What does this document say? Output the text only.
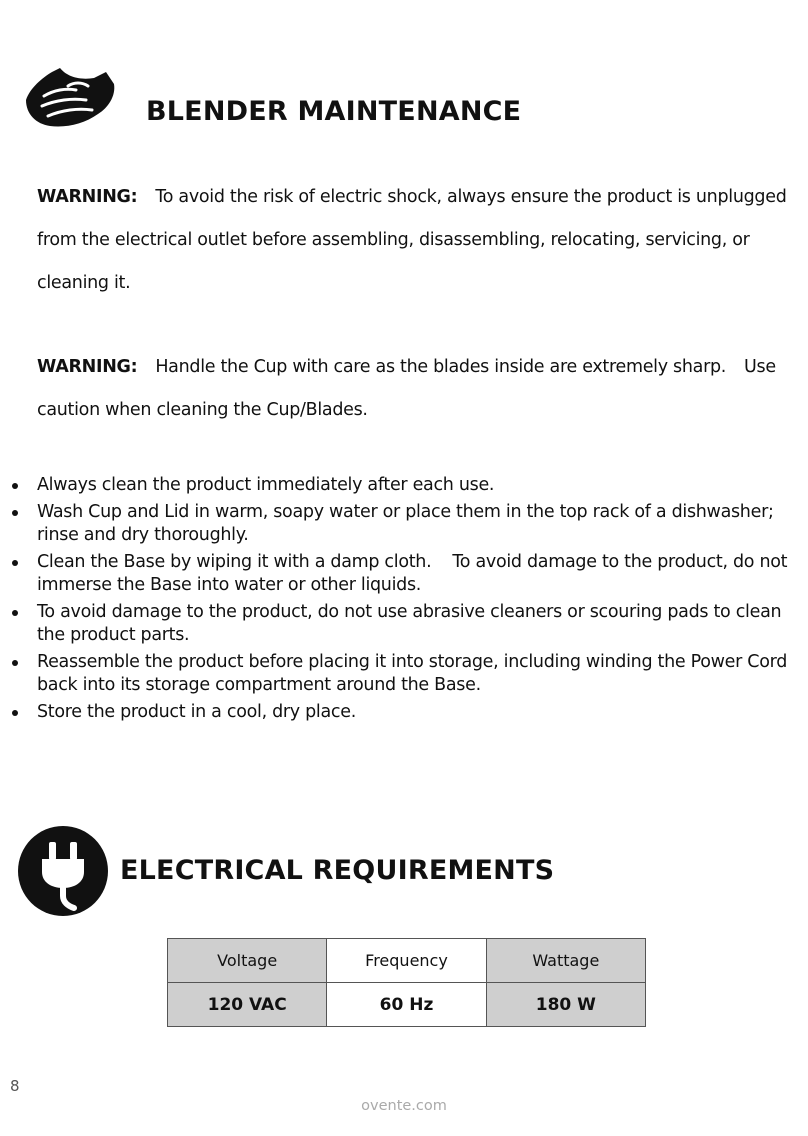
BLENDER MAINTENANCE

WARNING: To avoid the risk of electric shock, always ensure the product is unplugged from the electrical outlet before assembling, disassembling, relocating, servicing, or cleaning it.

WARNING: Handle the Cup with care as the blades inside are extremely sharp. Use caution when cleaning the Cup/Blades.

Always clean the product immediately after each use.
Wash Cup and Lid in warm, soapy water or place them in the top rack of a dishwasher; rinse and dry thoroughly.
Clean the Base by wiping it with a damp cloth.    To avoid damage to the product, do not immerse the Base into water or other liquids.
To avoid damage to the product, do not use abrasive cleaners or scouring pads to clean the product parts.
Reassemble the product before placing it into storage, including winding the Power Cord back into its storage compartment around the Base.
Store the product in a cool, dry place.
ELECTRICAL REQUIREMENTS
Voltage	Frequency	Wattage
120 VAC	60 Hz	180 W
8
ovente.com
